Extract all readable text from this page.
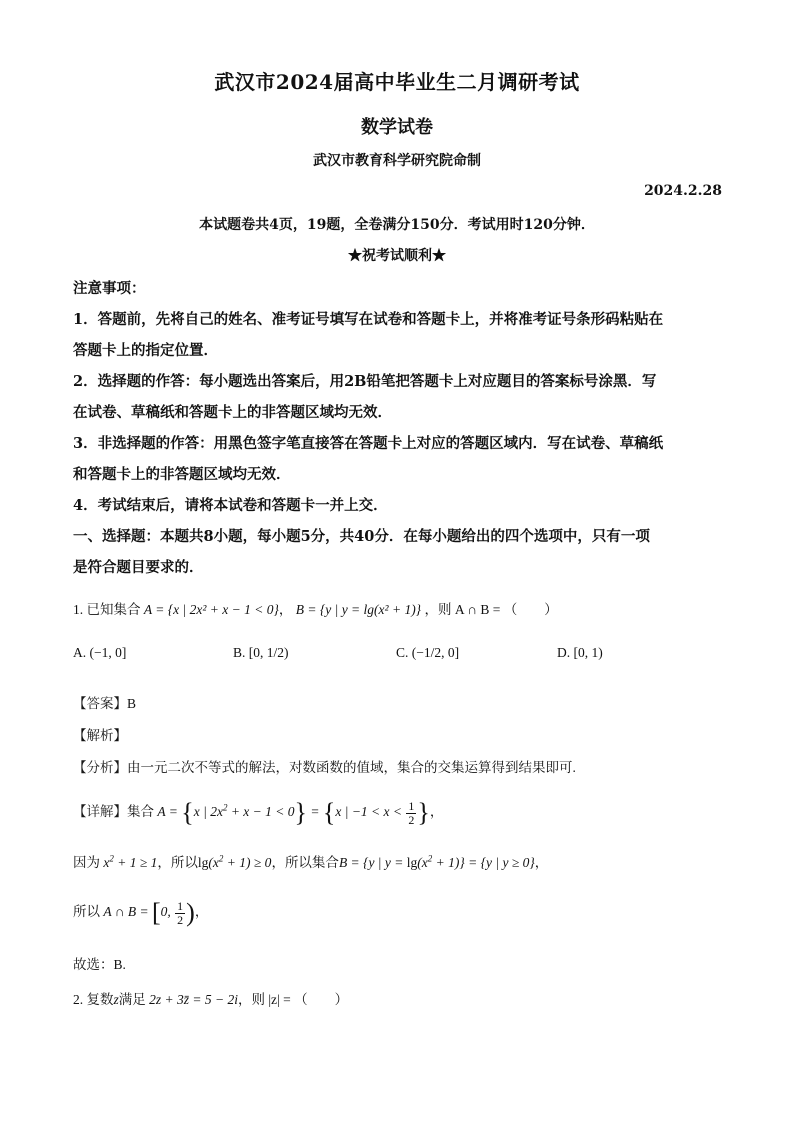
武汉市2024届高中毕业生二月调研考试
数学试卷
武汉市教育科学研究院命制
2024.2.28
本试题卷共4页，19题，全卷满分150分．考试用时120分钟．
★祝考试顺利★
注意事项：
1．答题前，先将自己的姓名、准考证号填写在试卷和答题卡上，并将准考证号条形码粘贴在
答题卡上的指定位置．
2．选择题的作答：每小题选出答案后，用2B铅笔把答题卡上对应题目的答案标号涂黑．写
在试卷、草稿纸和答题卡上的非答题区域均无效．
3．非选择题的作答：用黑色签字笔直接答在答题卡上对应的答题区域内．写在试卷、草稿纸
和答题卡上的非答题区域均无效．
4．考试结束后，请将本试卷和答题卡一并上交．
一、选择题：本题共8小题，每小题5分，共40分．在每小题给出的四个选项中，只有一项
是符合题目要求的．
1. 已知集合 A = {x | 2x² + x − 1 < 0}， B = {y | y = lg(x² + 1)} ，则 A ∩ B = （　　）
A. (−1, 0]	B. [0, 1/2)	C. (−1/2, 0]	D. [0, 1)
【答案】B
【解析】
【分析】由一元二次不等式的解法，对数函数的值域，集合的交集运算得到结果即可.
【详解】集合 A = {x | $2x^2 + x - 1 < 0\} = \{x$ | $-1 < x < \frac{1}{2}$ }，
因为 $x^2 + 1 \ge 1$，所以$\lg(x^2 + 1) \ge 0$，所以集合B = {y | $y = \lg(x^2 + 1)\} = \{y$ | y ≥ 0}，
所以 A ∩ B = [0, $\frac{1}{2}$ )，
故选：B.
2. 复数z满足 2z + 3z̄ = 5 − 2i，则 |z| = （　　）
